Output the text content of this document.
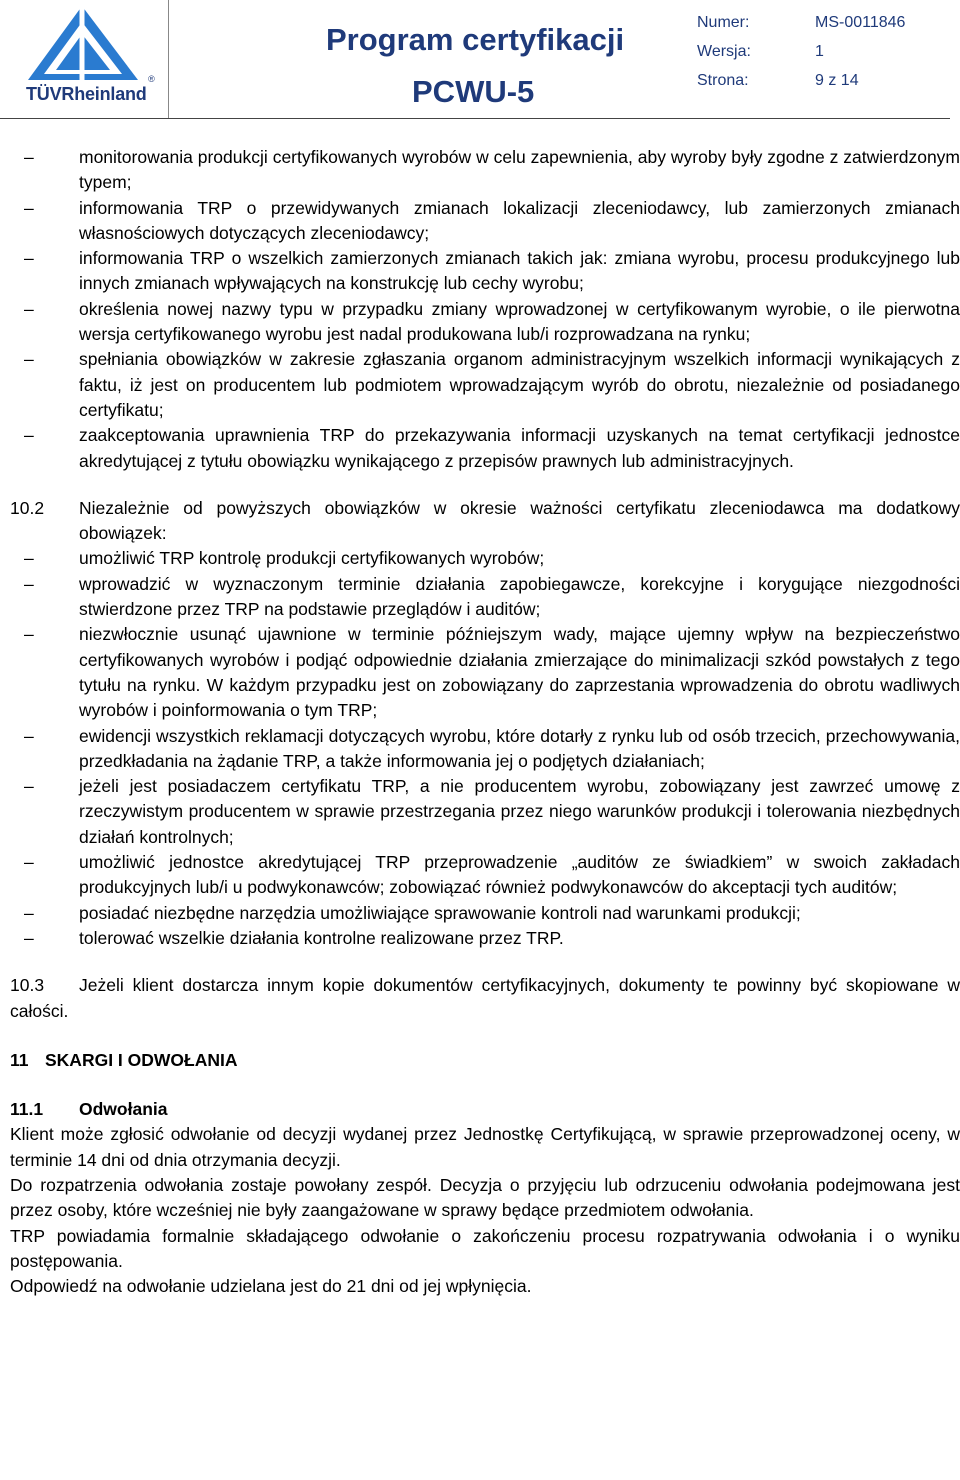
TÜVRheinland
®
Program certyfikacji
PCWU-5
Numer:	MS-0011846
Wersja:	1
Strona:	9 z 14
–	monitorowania produkcji certyfikowanych wyrobów w celu zapewnienia, aby wyroby były zgodne z zatwierdzonym typem;
–	informowania TRP o przewidywanych zmianach lokalizacji zleceniodawcy, lub zamierzonych zmianach własnościowych dotyczących zleceniodawcy;
–	informowania TRP o wszelkich zamierzonych zmianach takich jak: zmiana wyrobu, procesu produkcyjnego lub innych zmianach wpływających na konstrukcję lub cechy wyrobu;
–	określenia nowej nazwy typu w przypadku zmiany wprowadzonej w certyfikowanym wyrobie, o ile pierwotna wersja certyfikowanego wyrobu jest nadal produkowana lub/i rozprowadzana na rynku;
–	spełniania obowiązków w zakresie zgłaszania organom administracyjnym wszelkich informacji wynikających z faktu, iż jest on producentem lub podmiotem wprowadzającym wyrób do obrotu, niezależnie od posiadanego certyfikatu;
–	zaakceptowania uprawnienia TRP do przekazywania informacji uzyskanych na temat certyfikacji jednostce akredytującej z tytułu obowiązku wynikającego z przepisów prawnych lub administracyjnych.
10.2 Niezależnie od powyższych obowiązków w okresie ważności certyfikatu zleceniodawca ma dodatkowy obowiązek:
–	umożliwić TRP kontrolę produkcji certyfikowanych wyrobów;
–	wprowadzić w wyznaczonym terminie działania zapobiegawcze, korekcyjne i korygujące niezgodności stwierdzone przez TRP na podstawie przeglądów i auditów;
–	niezwłocznie usunąć ujawnione w terminie późniejszym wady, mające ujemny wpływ na bezpieczeństwo certyfikowanych wyrobów i podjąć odpowiednie działania zmierzające do minimalizacji szkód powstałych z tego tytułu na rynku. W każdym przypadku jest on zobowiązany do zaprzestania wprowadzenia do obrotu wadliwych wyrobów i poinformowania o tym TRP;
–	ewidencji wszystkich reklamacji dotyczących wyrobu, które dotarły z rynku lub od osób trzecich, przechowywania, przedkładania na żądanie TRP, a także informowania jej o podjętych działaniach;
–	jeżeli jest posiadaczem certyfikatu TRP, a nie producentem wyrobu, zobowiązany jest zawrzeć umowę z rzeczywistym producentem w sprawie przestrzegania przez niego warunków produkcji i tolerowania niezbędnych działań kontrolnych;
–	umożliwić jednostce akredytującej TRP przeprowadzenie „auditów ze świadkiem” w swoich zakładach produkcyjnych lub/i u podwykonawców; zobowiązać również podwykonawców do akceptacji tych auditów;
–	posiadać niezbędne narzędzia umożliwiające sprawowanie kontroli nad warunkami produkcji;
–	tolerować wszelkie działania kontrolne realizowane przez TRP.
10.3 Jeżeli klient dostarcza innym kopie dokumentów certyfikacyjnych, dokumenty te powinny być skopiowane w całości.
11 SKARGI I ODWOŁANIA
11.1 Odwołania
Klient może zgłosić odwołanie od decyzji wydanej przez Jednostkę Certyfikującą, w sprawie przeprowadzonej oceny, w terminie 14 dni od dnia otrzymania decyzji.
Do rozpatrzenia odwołania zostaje powołany zespół. Decyzja o przyjęciu lub odrzuceniu odwołania podejmowana jest przez osoby, które wcześniej nie były zaangażowane w sprawy będące przedmiotem odwołania.
TRP powiadamia formalnie składającego odwołanie o zakończeniu procesu rozpatrywania odwołania i o wyniku postępowania.
Odpowiedź na odwołanie udzielana jest do 21 dni od jej wpłynięcia.
